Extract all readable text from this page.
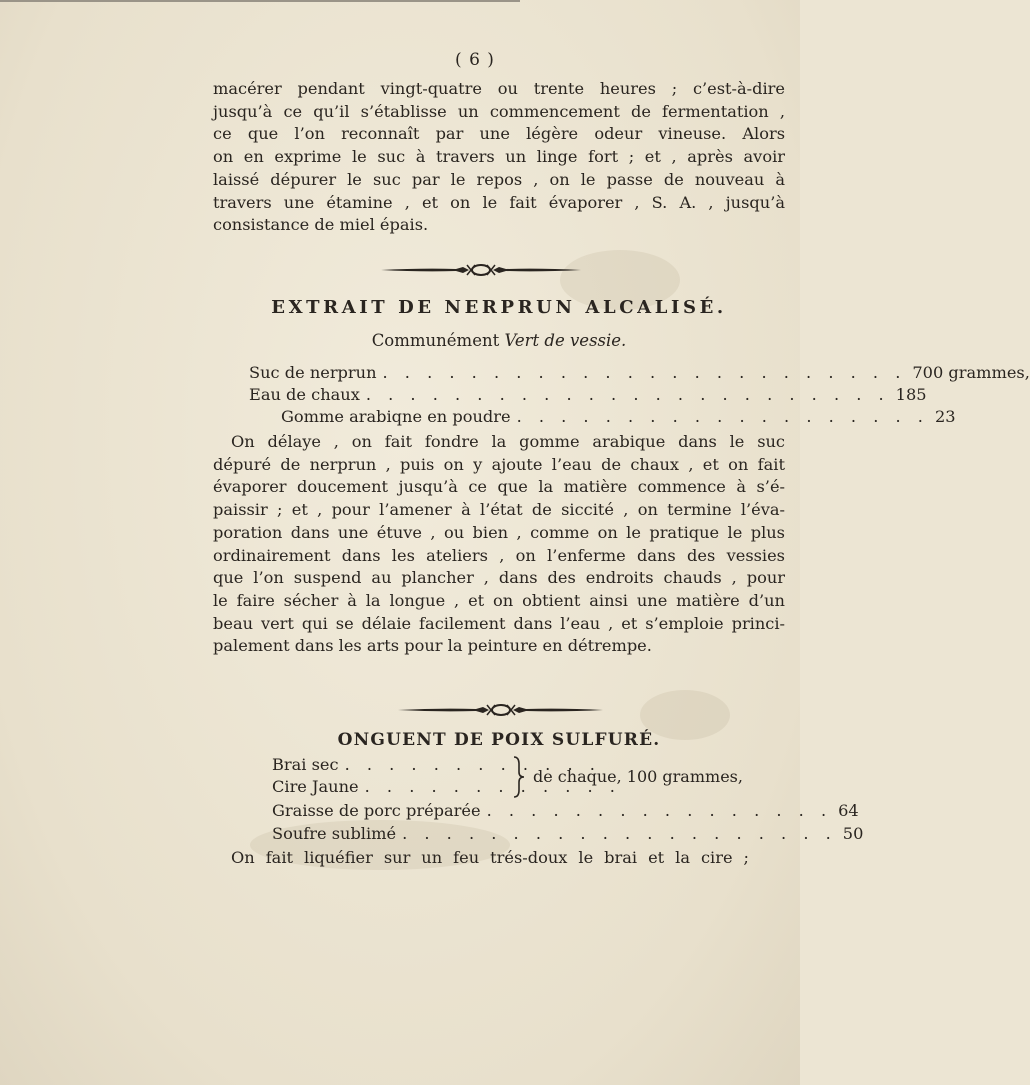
( 6 )
macérer pendant vingt-quatre ou trente heures ; c’est-à-dire
jusqu’à ce qu’il s’établisse un commencement de fermentation ,
ce que l’on reconnaît par une légère odeur vineuse. Alors
on en exprime le suc à travers un linge fort ; et , après avoir
laissé dépurer le suc par le repos , on le passe de nouveau à
travers une étamine , et on le fait évaporer , S. A. , jusqu’à
consistance de miel épais.
EXTRAIT DE NERPRUN ALCALISÉ.
Communément Vert de vessie.
Suc de nerprun . . . . . . . . . . . . . . . . . . . . . . . . 700 grammes,
Eau de chaux . . . . . . . . . . . . . . . . . . . . . . . . 185
Gomme arabiqne en poudre . . . . . . . . . . . . . . . . . . . 23
On délaye , on fait fondre la gomme arabique dans le suc
dépuré de nerprun , puis on y ajoute l’eau de chaux , et on fait
évaporer doucement jusqu’à ce que la matière commence à s’é-
paissir ; et , pour l’amener à l’état de siccité , on termine l’éva-
poration dans une étuve , ou bien , comme on le pratique le plus
ordinairement dans les ateliers , on l’enferme dans des vessies
que l’on suspend au plancher , dans des endroits chauds , pour
le faire sécher à la longue , et on obtient ainsi une matière d’un
beau vert qui se délaie facilement dans l’eau , et s’emploie princi-
palement dans les arts pour la peinture en détrempe.
ONGUENT DE POIX SULFURÉ.
Brai sec . . . . . . . . . . . .
Cire Jaune . . . . . . . . . . . .
de chaque, 100 grammes,
Graisse de porc préparée . . . . . . . . . . . . . . . . 64
Soufre sublimé . . . . . . . . . . . . . . . . . . . . 50
On fait liquéfier sur un feu trés-doux le brai et la cire ;
